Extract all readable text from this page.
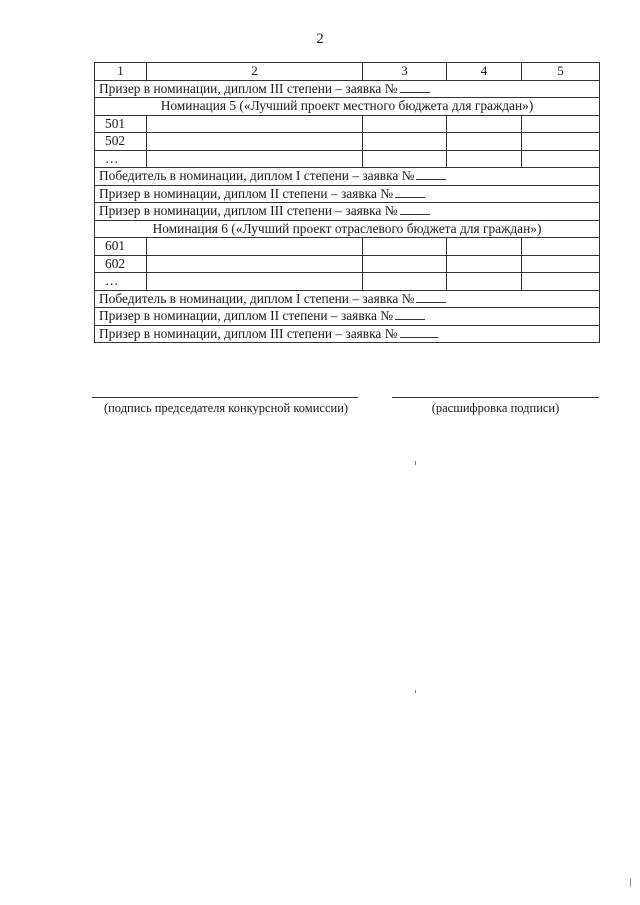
2
1	2	3	4	5
Призер в номинации, диплом III степени – заявка №				
Номинация 5 («Лучший проект местного бюджета для граждан»)				
501				
502				
…				
Победитель в номинации, диплом I степени – заявка №				
Призер в номинации, диплом II степени – заявка №				
Призер в номинации, диплом III степени – заявка №				
Номинация 6 («Лучший проект отраслевого бюджета для граждан»)				
601				
602				
…				
Победитель в номинации, диплом I степени – заявка №				
Призер в номинации, диплом II степени – заявка №				
Призер в номинации, диплом III степени – заявка №				
(подпись председателя конкурсной комиссии)	(расшифровка подписи)
